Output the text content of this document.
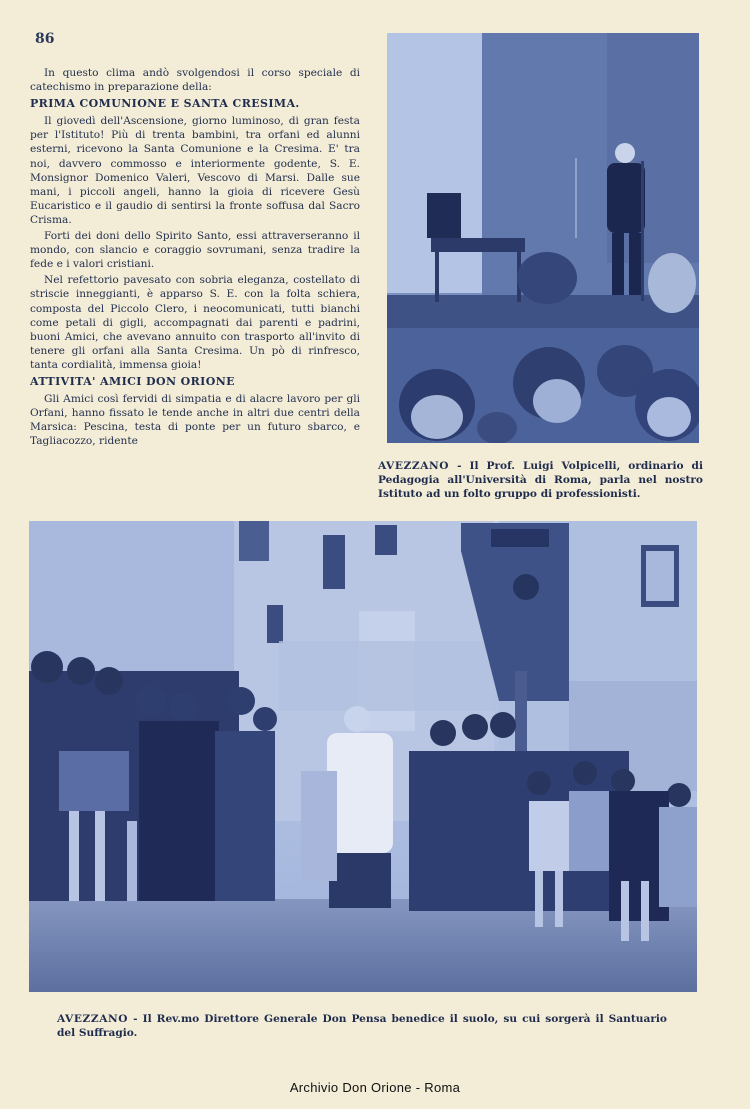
86

In questo clima andò svolgendosi il corso speciale di catechismo in preparazione della:

PRIMA COMUNIONE E SANTA CRESIMA.

Il giovedì dell'Ascensione, giorno luminoso, di gran festa per l'Istituto! Più di trenta bambini, tra orfani ed alunni esterni, ricevono la Santa Comunione e la Cresima. E' tra noi, davvero commosso e interiormente godente, S. E. Monsignor Domenico Valeri, Vescovo di Marsi. Dalle sue mani, i piccoli angeli, hanno la gioia di ricevere Gesù Eucaristico e il gaudio di sentirsi la fronte soffusa dal Sacro Crisma.

Forti dei doni dello Spirito Santo, essi attraverseranno il mondo, con slancio e coraggio sovrumani, senza tradire la fede e i valori cristiani.

Nel refettorio pavesato con sobria eleganza, costellato di striscie inneggianti, è apparso S. E. con la folta schiera, composta del Piccolo Clero, i neocomunicati, tutti bianchi come petali di gigli, accompagnati dai parenti e padrini, buoni Amici, che avevano annuito con trasporto all'invito di tenere gli orfani alla Santa Cresima. Un pò di rinfresco, tanta cordialità, immensa gioia!

ATTIVITA' AMICI DON ORIONE

Gli Amici così fervidi di simpatia e di alacre lavoro per gli Orfani, hanno fissato le tende anche in altri due centri della Marsica: Pescina, testa di ponte per un futuro sbarco, e Tagliacozzo, ridente

AVEZZANO - Il Prof. Luigi Volpicelli, ordinario di Pedagogia all'Università di Roma, parla nel nostro Istituto ad un folto gruppo di professionisti.
AVEZZANO - Il Rev.mo Direttore Generale Don Pensa benedice il suolo, su cui sorgerà il Santuario del Suffragio.
Archivio Don Orione - Roma
